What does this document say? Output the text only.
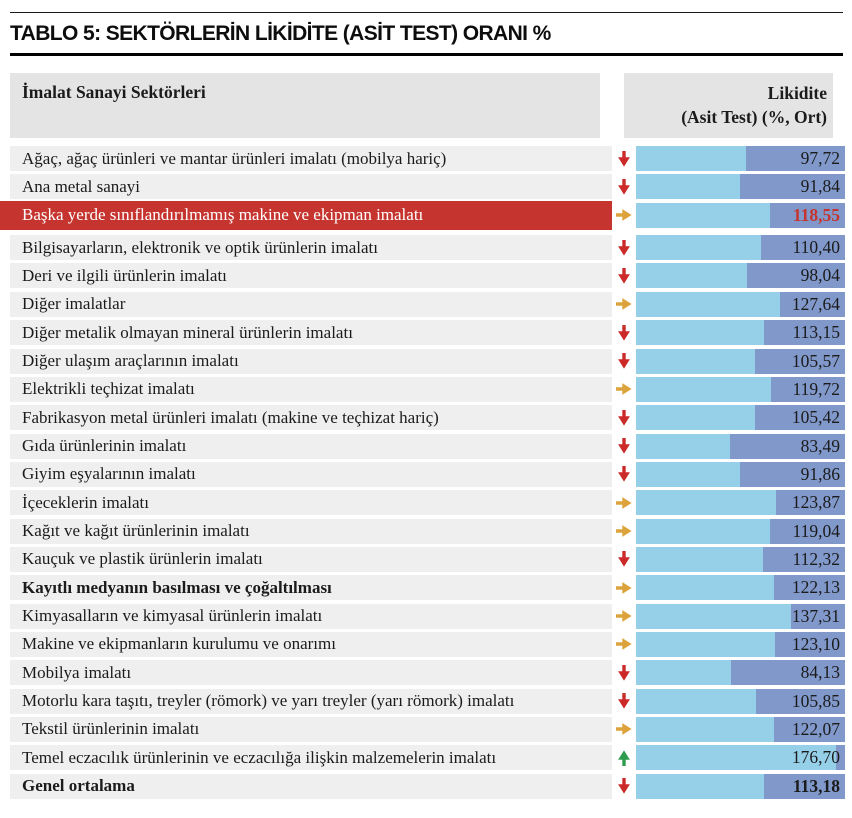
TABLO 5: SEKTÖRLERİN LİKİDİTE (ASİT TEST) ORANI %
İmalat Sanayi Sektörleri	Likidite
(Asit Test) (%, Ort)
Ağaç, ağaç ürünleri ve mantar ürünleri imalatı (mobilya hariç)	97,72
Ana metal sanayi	91,84
Başka yerde sınıflandırılmamış makine ve ekipman imalatı	118,55
Bilgisayarların, elektronik ve optik ürünlerin imalatı	110,40
Deri ve ilgili ürünlerin imalatı	98,04
Diğer imalatlar	127,64
Diğer metalik olmayan mineral ürünlerin imalatı	113,15
Diğer ulaşım araçlarının imalatı	105,57
Elektrikli teçhizat imalatı	119,72
Fabrikasyon metal ürünleri imalatı (makine ve teçhizat hariç)	105,42
Gıda ürünlerinin imalatı	83,49
Giyim eşyalarının imalatı	91,86
İçeceklerin imalatı	123,87
Kağıt ve kağıt ürünlerinin imalatı	119,04
Kauçuk ve plastik ürünlerin imalatı	112,32
Kayıtlı medyanın basılması ve çoğaltılması	122,13
Kimyasalların ve kimyasal ürünlerin imalatı	137,31
Makine ve ekipmanların kurulumu ve onarımı	123,10
Mobilya imalatı	84,13
Motorlu kara taşıtı, treyler (römork) ve yarı treyler (yarı römork) imalatı	105,85
Tekstil ürünlerinin imalatı	122,07
Temel eczacılık ürünlerinin ve eczacılığa ilişkin malzemelerin imalatı	176,70
Genel ortalama	113,18
